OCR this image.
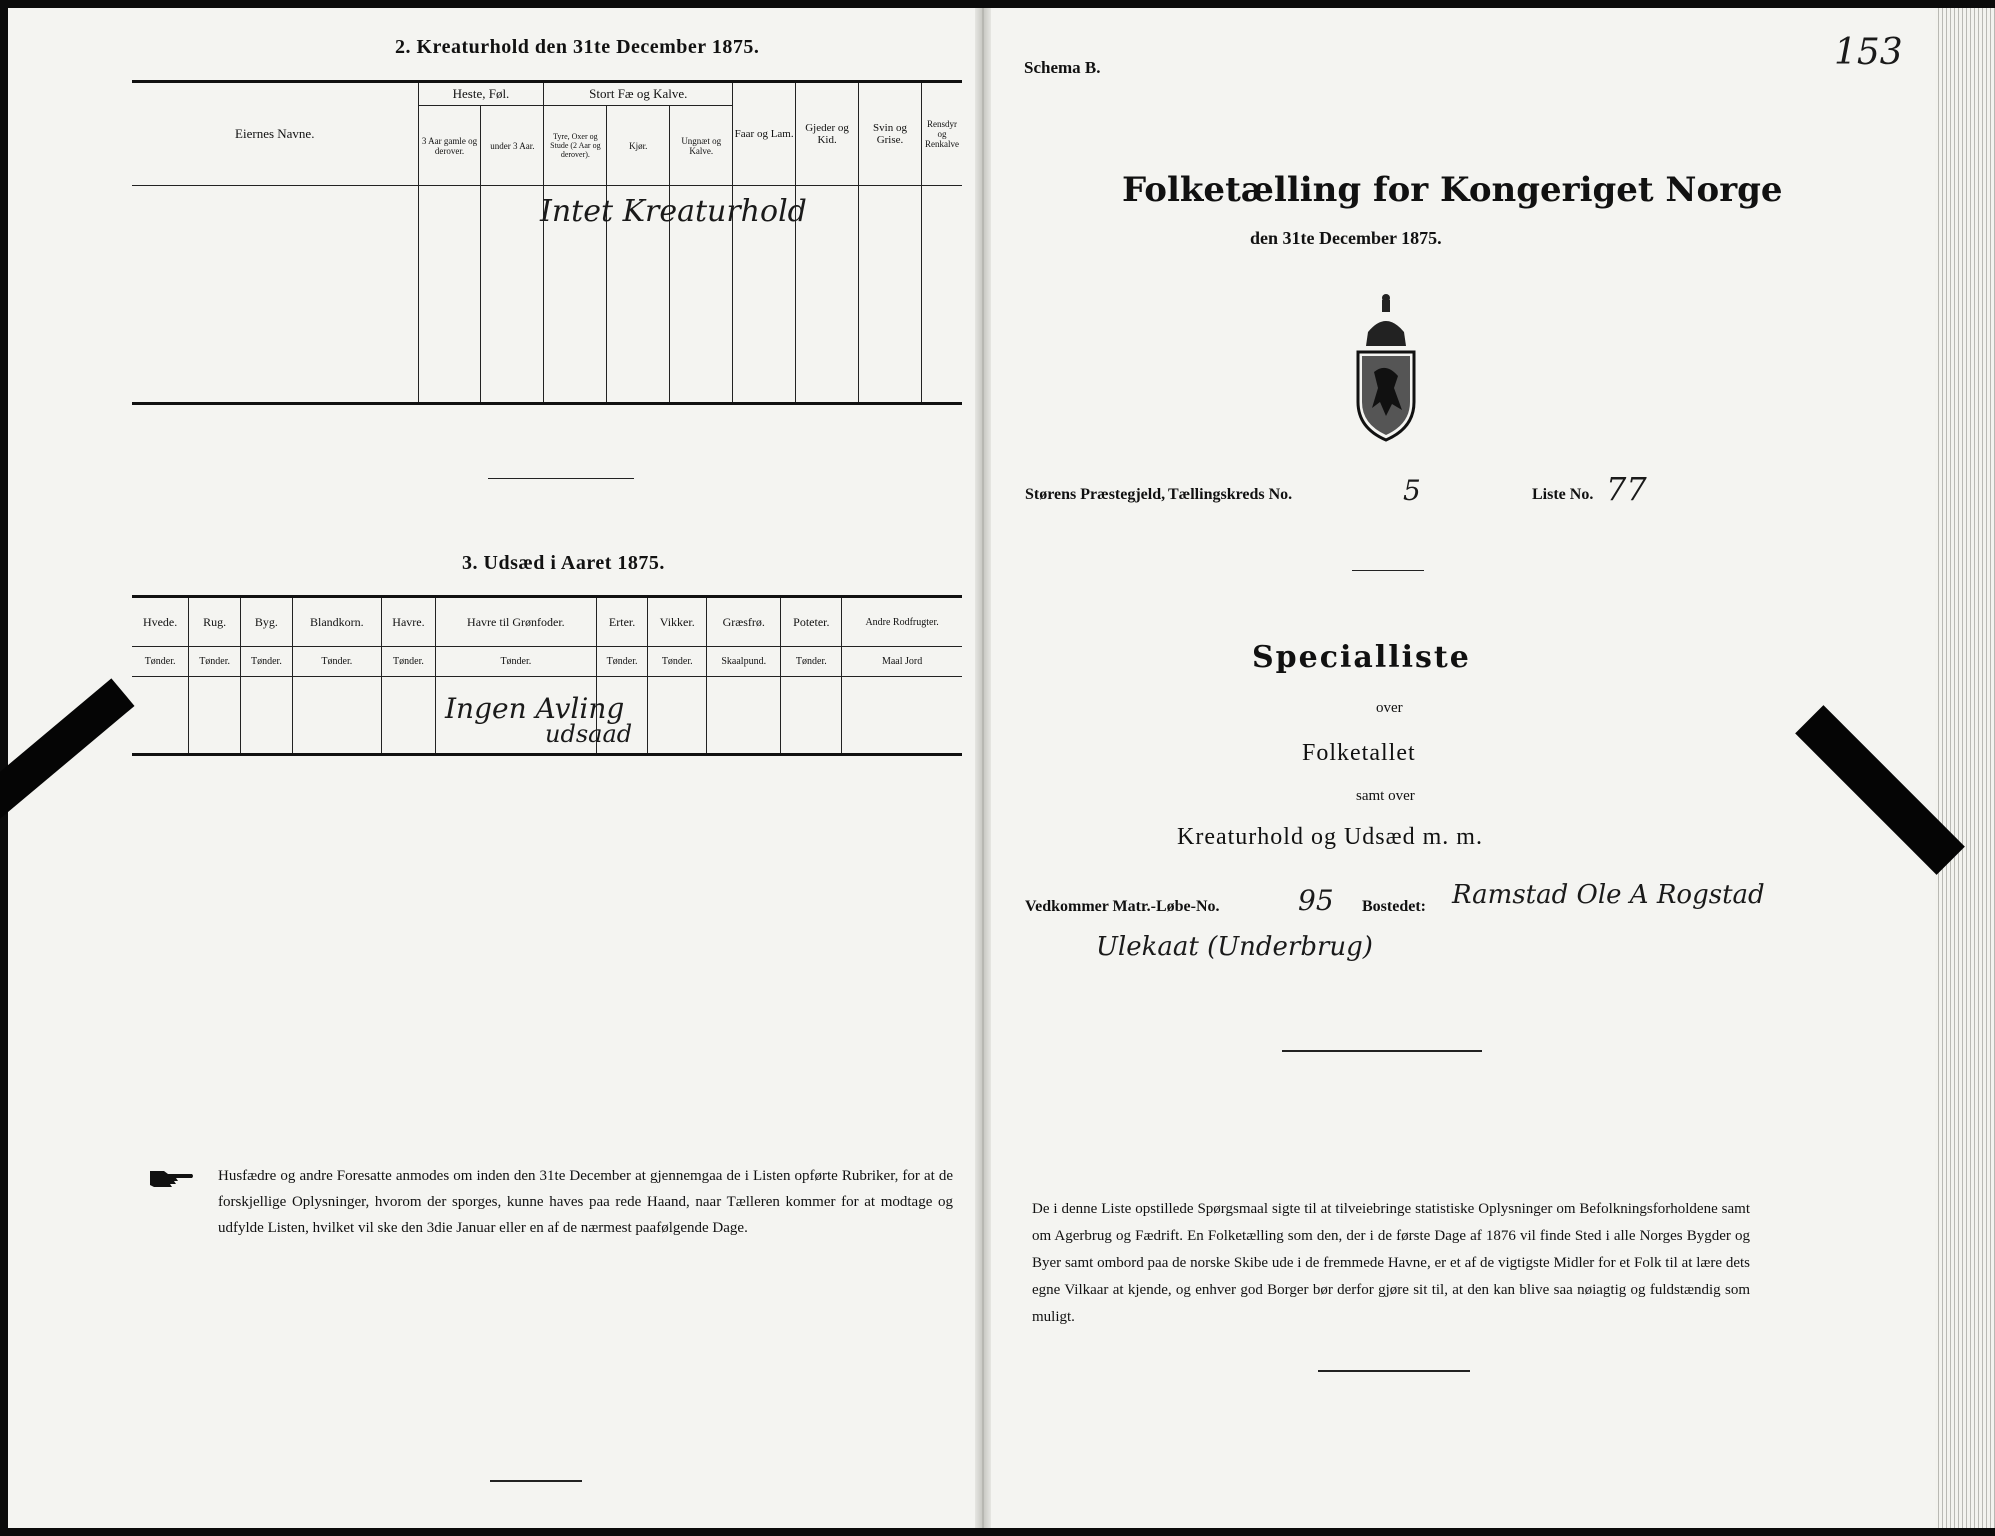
2. Kreaturhold den 31te December 1875.
Eiernes Navne.	Heste, Føl.		Stort Fæ og Kalve.			Faar og Lam.	Gjeder og Kid.	Svin og Grise.	Rensdyr og Renkalve
	3 Aar gamle og derover.	under 3 Aar.	Tyre, Oxer og Stude (2 Aar og derover).	Kjør.	Ungnæt og Kalve.				

Intet Kreaturhold
3. Udsæd i Aaret 1875.
Hvede.	Rug.	Byg.	Blandkorn.	Havre.	Havre til Grønfoder.	Erter.	Vikker.	Græsfrø.	Poteter.	Andre Rodfrugter.
Tønder.	Tønder.	Tønder.	Tønder.	Tønder.	Tønder.	Tønder.	Tønder.	Skaalpund.	Tønder.	Maal Jord

Ingen Avling
udsaad
Husfædre og andre Foresatte anmodes om inden den 31te December at gjennemgaa de i Listen opførte Rubriker, for at de forskjellige Oplysninger, hvorom der sporges, kunne haves paa rede Haand, naar Tælleren kommer for at modtage og udfylde Listen, hvilket vil ske den 3die Januar eller en af de nærmest paafølgende Dage.
Schema B.	153
Folketælling for Kongeriget Norge
den 31te December 1875.
Størens Præstegjeld, Tællingskreds No.	5	Liste No. 77
Specialliste
over
Folketallet
samt over
Kreaturhold og Udsæd m. m.
Vedkommer Matr.-Løbe-No.	95 Bostedet: Ramstad Ole A Rogstad
Ulekaat (Underbrug)
De i denne Liste opstillede Spørgsmaal sigte til at tilveiebringe statistiske Oplysninger om Befolkningsforholdene samt om Agerbrug og Fædrift. En Folketælling som den, der i de første Dage af 1876 vil finde Sted i alle Norges Bygder og Byer samt ombord paa de norske Skibe ude i de fremmede Havne, er et af de vigtigste Midler for et Folk til at lære dets egne Vilkaar at kjende, og enhver god Borger bør derfor gjøre sit til, at den kan blive saa nøiagtig og fuldstændig som muligt.
